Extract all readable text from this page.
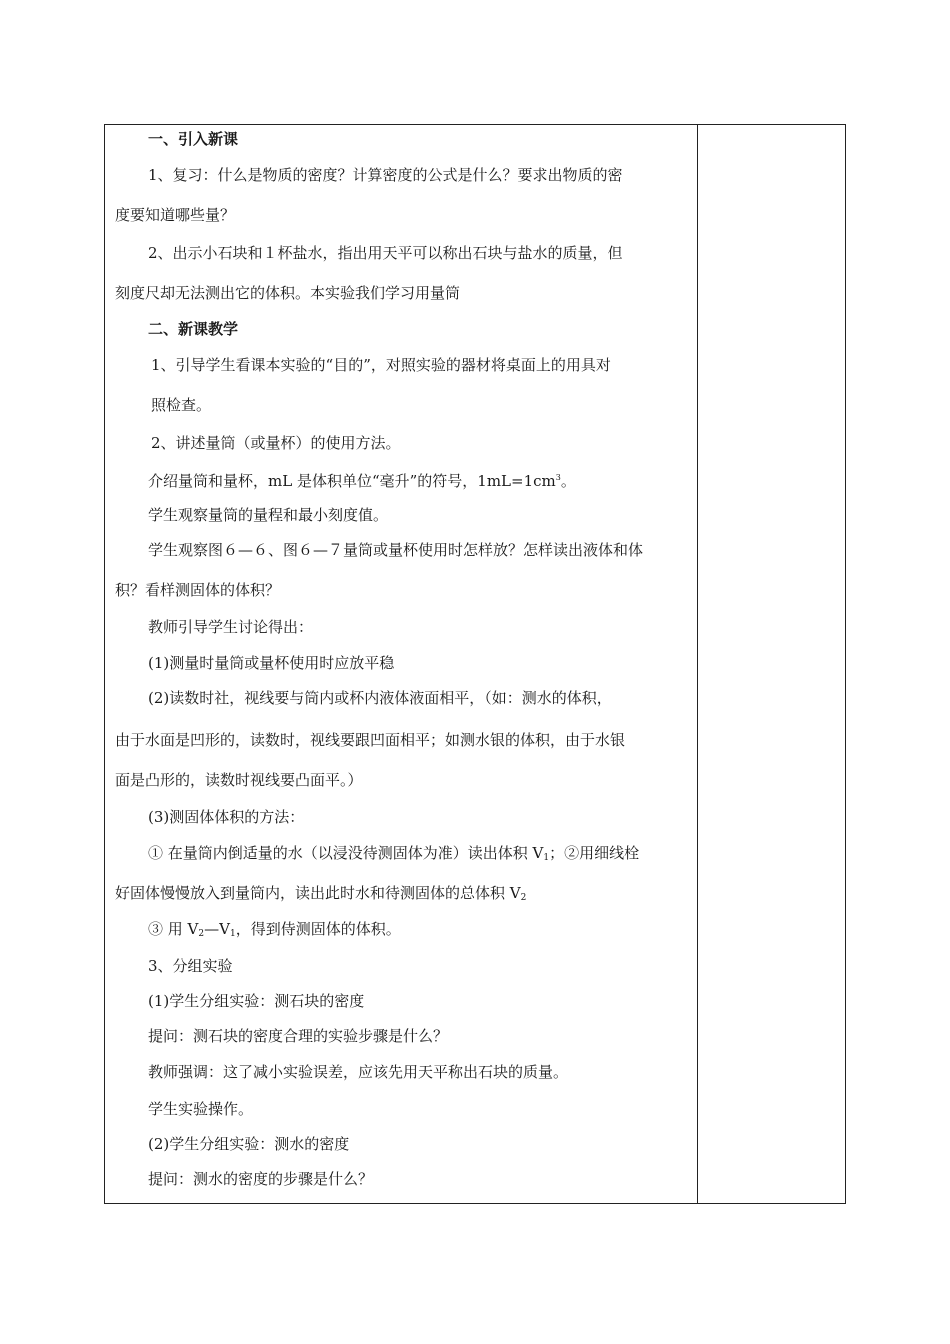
一、引入新课
1、复习：什么是物质的密度？计算密度的公式是什么？要求出物质的密
度要知道哪些量？
2、出示小石块和１杯盐水，指出用天平可以称出石块与盐水的质量，但
刻度尺却无法测出它的体积。本实验我们学习用量筒
二、新课教学
1、引导学生看课本实验的“目的”，对照实验的器材将桌面上的用具对
照检查。
2、讲述量筒（或量杯）的使用方法。
介绍量筒和量杯，mL 是体积单位“毫升”的符号，$1mL=1cm^3$。
学生观察量筒的量程和最小刻度值。
学生观察图６—６、图６—７量筒或量杯使用时怎样放？怎样读出液体和体
积？看样测固体的体积？
教师引导学生讨论得出：
(1)测量时量筒或量杯使用时应放平稳
(2)读数时社，视线要与筒内或杯内液体液面相平，（如：测水的体积，
由于水面是凹形的，读数时，视线要跟凹面相平；如测水银的体积，由于水银
面是凸形的，读数时视线要凸面平。）
(3)测固体体积的方法：
① 在量筒内倒适量的水（以浸没待测固体为准）读出体积 $V_1$；②用细线栓
好固体慢慢放入到量筒内，读出此时水和待测固体的总体积 $V_2$
③ 用 $V_2—V_1$，得到侍测固体的体积。
3、分组实验
(1)学生分组实验：测石块的密度
提问：测石块的密度合理的实验步骤是什么？
教师强调：这了减小实验误差，应该先用天平称出石块的质量。
学生实验操作。
(2)学生分组实验：测水的密度
提问：测水的密度的步骤是什么？
